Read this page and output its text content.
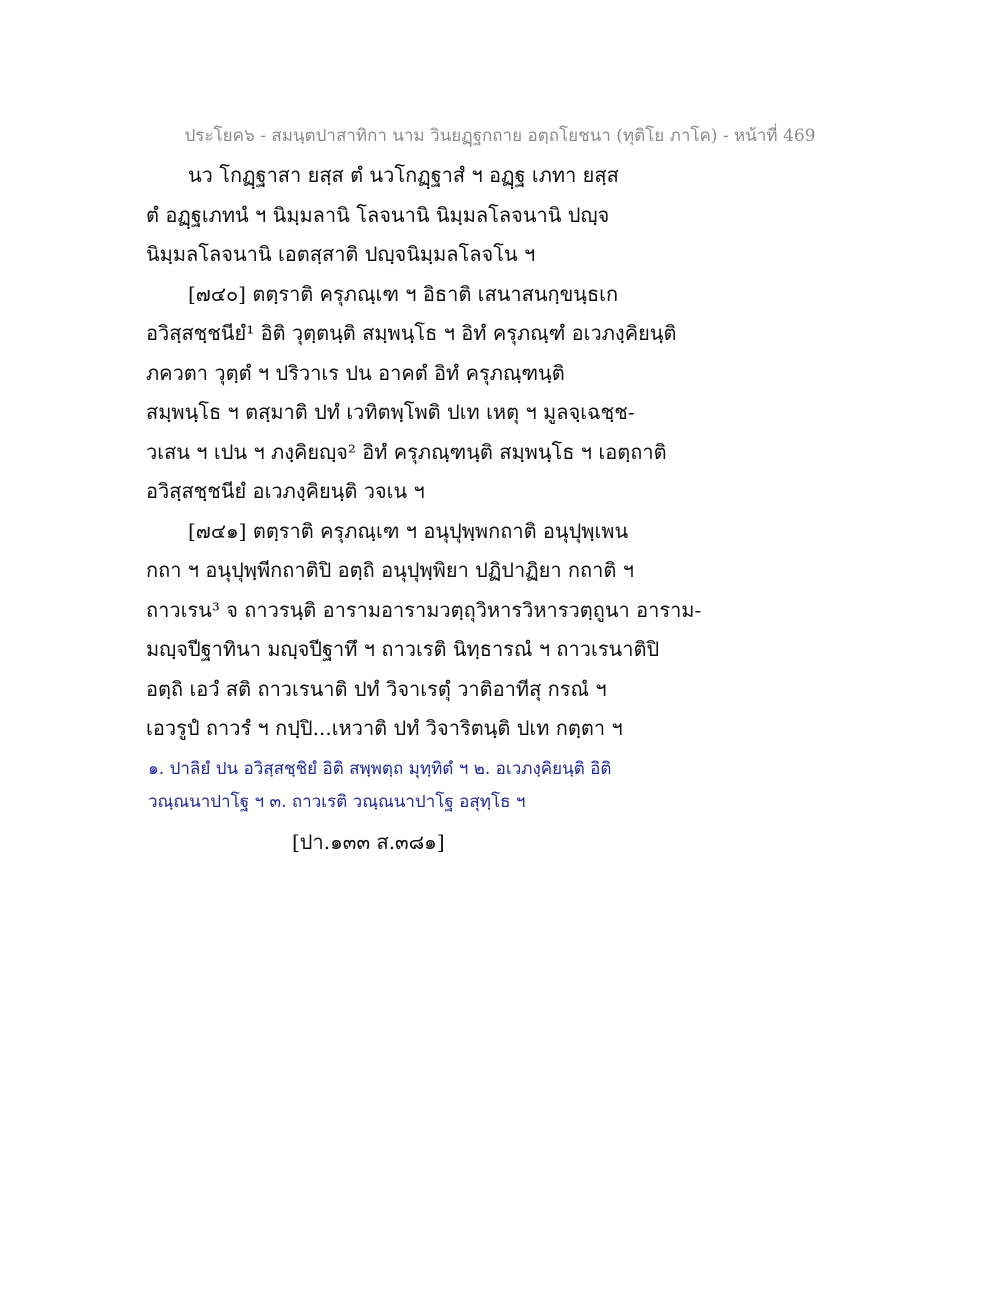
ประโยค๖ - สมนฺตปาสาทิกา นาม วินยฏฺฐกถาย อตฺถโยชนา (ทุติโย ภาโค) - หน้าที่ 469
นว โกฏฺฐาสา ยสฺส ตํ นวโกฏฺฐาสํ ฯ อฏฺฐ เภทา ยสฺส
ตํ อฏฺฐเภทนํ ฯ นิมฺมลานิ โลจนานิ นิมฺมลโลจนานิ ปญฺจ
นิมฺมลโลจนานิ เอตสฺสาติ ปญฺจนิมฺมลโลจโน ฯ
[๗๔๐] ตตฺราติ ครุภณฺเฑ ฯ อิธาติ เสนาสนกฺขนฺธเก
อวิสฺสชฺชนียํ¹ อิติ วุตฺตนฺติ สมฺพนฺโธ ฯ อิทํ ครุภณฺฑํ อเวภงฺคิยนฺติ
ภควตา วุตฺตํ ฯ ปริวาเร ปน อาคตํ อิทํ ครุภณฺฑนฺติ
สมฺพนฺโธ ฯ ตสฺมาติ ปทํ เวทิตพฺโพติ ปเท เหตุ ฯ มูลจฺเฉชฺช-
วเสน ฯ เปน ฯ ภงฺคิยญฺจ² อิทํ ครุภณฺฑนฺติ สมฺพนฺโธ ฯ เอตฺถาติ
อวิสฺสชฺชนียํ อเวภงฺคิยนฺติ วจเน ฯ
[๗๔๑] ตตฺราติ ครุภณฺเฑ ฯ อนุปุพฺพกถาติ อนุปุพฺเพน
กถา ฯ อนุปุพฺพีกถาติปิ อตฺถิ อนุปุพฺพิยา ปฏิปาฏิยา กถาติ ฯ
ถาวเรน³ จ ถาวรนฺติ อารามอารามวตฺถุวิหารวิหารวตฺถูนา อาราม-
มญฺจปีฐาทินา มญฺจปีฐาทึ ฯ ถาวเรติ นิทฺธารณํ ฯ ถาวเรนาติปิ
อตฺถิ เอวํ สติ ถาวเรนาติ ปทํ วิจาเรตุํ วาติอาทีสุ กรณํ ฯ
เอวรูปํ ถาวรํ ฯ กปฺปิ...เหวาติ ปทํ วิจาริตนฺติ ปเท กตฺตา ฯ
๑. ปาลิยํ ปน อวิสฺสชฺชิยํ อิติ สพฺพตฺถ มุทฺทิตํ ฯ ๒. อเวภงฺคิยนฺติ อิติ
วณฺณนาปาโฐ ฯ ๓. ถาวเรติ วณฺณนาปาโฐ อสุทฺโธ ฯ
[ปา.๑๓๓ ส.๓๘๑]
